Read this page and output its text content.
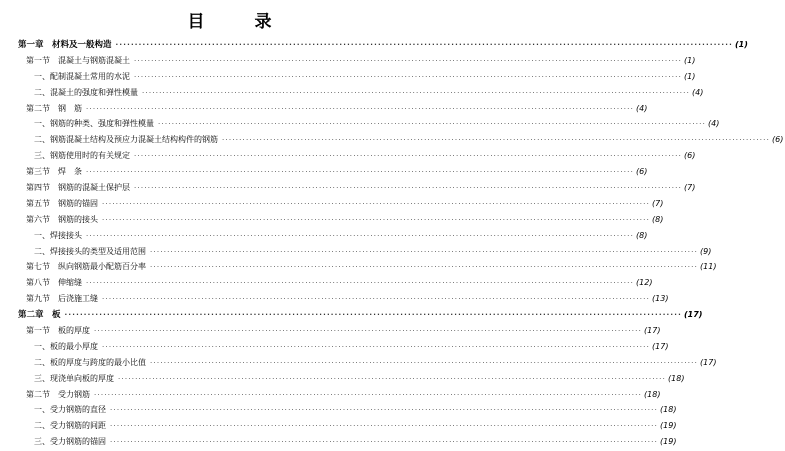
目 录
第一章　材料及一般构造 ································································································································································ (1)
第一节　混凝土与钢筋混凝土 ································································································································································ (1)
一、配制混凝土常用的水泥 ································································································································································ (1)
二、混凝土的强度和弹性模量 ································································································································································ (4)
第二节　钢　筋 ································································································································································ (4)
一、钢筋的种类、强度和弹性模量 ································································································································································ (4)
二、钢筋混凝土结构及预应力混凝土结构构件的钢筋 ································································································································································ (6)
三、钢筋使用时的有关规定 ································································································································································ (6)
第三节　焊　条 ································································································································································ (6)
第四节　钢筋的混凝土保护层 ································································································································································ (7)
第五节　钢筋的锚固 ································································································································································ (7)
第六节　钢筋的接头 ································································································································································ (8)
一、焊接接头 ································································································································································ (8)
二、焊接接头的类型及适用范围 ································································································································································ (9)
第七节　纵向钢筋最小配筋百分率 ································································································································································ (11)
第八节　伸缩缝 ································································································································································ (12)
第九节　后浇施工缝 ································································································································································ (13)
第二章　板 ································································································································································ (17)
第一节　板的厚度 ································································································································································ (17)
一、板的最小厚度 ································································································································································ (17)
二、板的厚度与跨度的最小比值 ································································································································································ (17)
三、现浇单向板的厚度 ································································································································································ (18)
第二节　受力钢筋 ································································································································································ (18)
一、受力钢筋的直径 ································································································································································ (18)
二、受力钢筋的间距 ································································································································································ (19)
三、受力钢筋的锚固 ································································································································································ (19)
